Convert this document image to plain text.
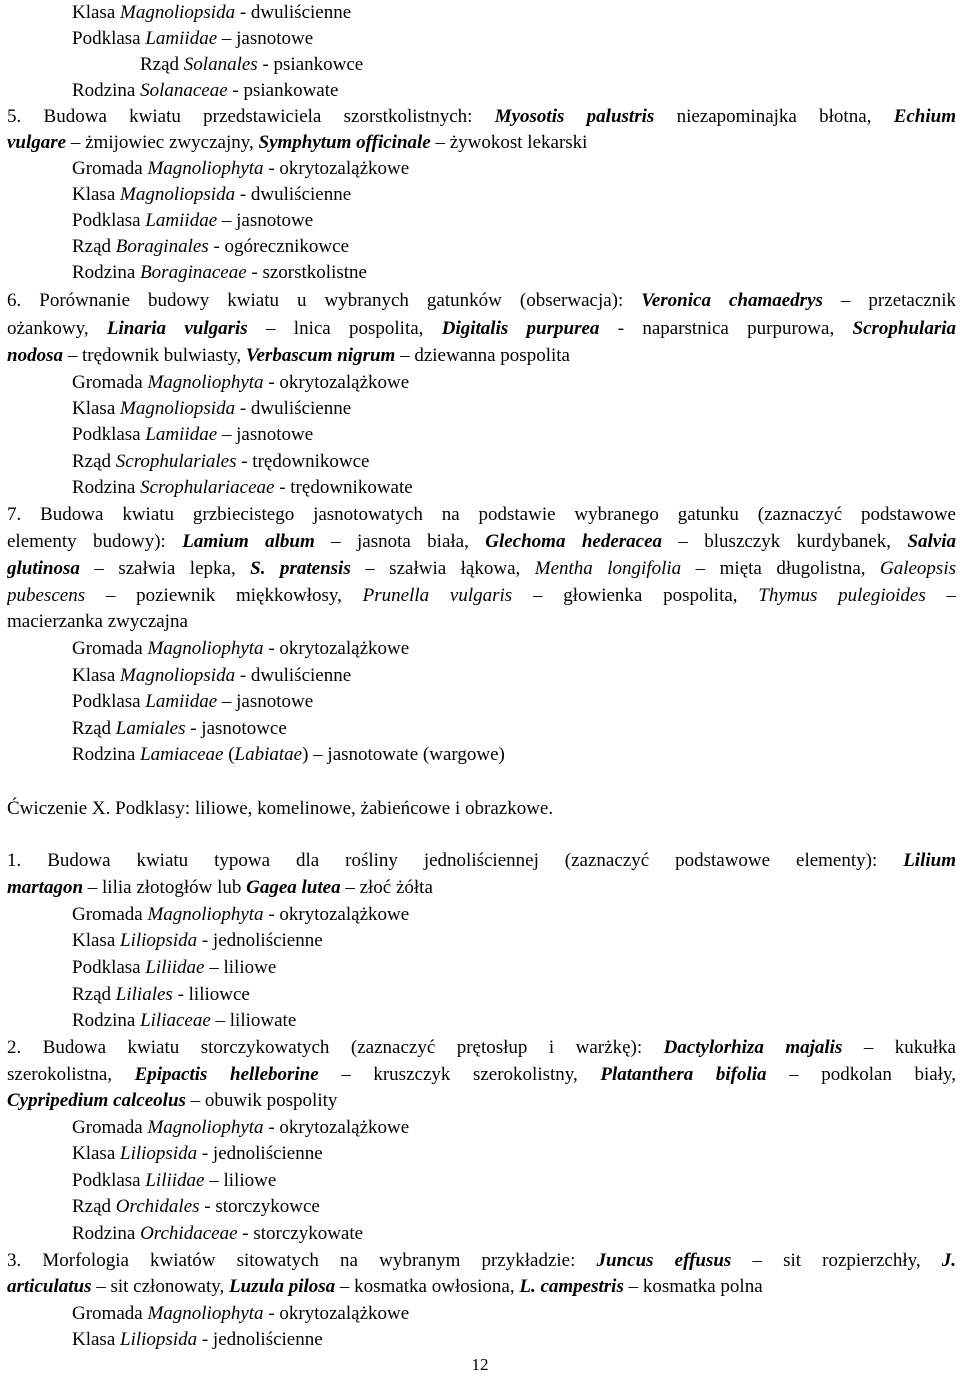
Klasa Magnoliopsida - dwuliścienne
Podklasa Lamiidae – jasnotowe
Rząd Solanales - psiankowce
Rodzina Solanaceae - psiankowate
5. Budowa kwiatu przedstawiciela szorstkolistnych: Myosotis palustris niezapominajka błotna, Echium
vulgare – żmijowiec zwyczajny, Symphytum officinale – żywokost lekarski
Gromada Magnoliophyta - okrytozalążkowe
Klasa Magnoliopsida - dwuliścienne
Podklasa Lamiidae – jasnotowe
Rząd Boraginales - ogórecznikowce
Rodzina Boraginaceae - szorstkolistne
6. Porównanie budowy kwiatu u wybranych gatunków (obserwacja): Veronica chamaedrys – przetacznik
ożankowy, Linaria vulgaris – lnica pospolita, Digitalis purpurea - naparstnica purpurowa, Scrophularia
nodosa – trędownik bulwiasty, Verbascum nigrum – dziewanna pospolita
Gromada Magnoliophyta - okrytozalążkowe
Klasa Magnoliopsida - dwuliścienne
Podklasa Lamiidae – jasnotowe
Rząd Scrophulariales - trędownikowce
Rodzina Scrophulariaceae - trędownikowate
7. Budowa kwiatu grzbiecistego jasnotowatych na podstawie wybranego gatunku (zaznaczyć podstawowe
elementy budowy): Lamium album – jasnota biała, Glechoma hederacea – bluszczyk kurdybanek, Salvia
glutinosa – szałwia lepka, S. pratensis – szałwia łąkowa, Mentha longifolia – mięta długolistna, Galeopsis
pubescens – poziewnik miękkowłosy, Prunella vulgaris – głowienka pospolita, Thymus pulegioides –
macierzanka zwyczajna
Gromada Magnoliophyta - okrytozalążkowe
Klasa Magnoliopsida - dwuliścienne
Podklasa Lamiidae – jasnotowe
Rząd Lamiales - jasnotowce
Rodzina Lamiaceae (Labiatae) – jasnotowate (wargowe)
Ćwiczenie X. Podklasy: liliowe, komelinowe, żabieńcowe i obrazkowe.
1. Budowa kwiatu typowa dla rośliny jednoliściennej (zaznaczyć podstawowe elementy): Lilium
martagon – lilia złotogłów lub Gagea lutea – złoć żółta
Gromada Magnoliophyta - okrytozalążkowe
Klasa Liliopsida - jednoliścienne
Podklasa Liliidae – liliowe
Rząd Liliales - liliowce
Rodzina Liliaceae – liliowate
2. Budowa kwiatu storczykowatych (zaznaczyć prętosłup i warżkę): Dactylorhiza majalis – kukułka
szerokolistna, Epipactis helleborine – kruszczyk szerokolistny, Platanthera bifolia – podkolan biały,
Cypripedium calceolus – obuwik pospolity
Gromada Magnoliophyta - okrytozalążkowe
Klasa Liliopsida - jednoliścienne
Podklasa Liliidae – liliowe
Rząd Orchidales - storczykowce
Rodzina Orchidaceae - storczykowate
3. Morfologia kwiatów sitowatych na wybranym przykładzie: Juncus effusus – sit rozpierzchły, J.
articulatus – sit członowaty, Luzula pilosa – kosmatka owłosiona, L. campestris – kosmatka polna
Gromada Magnoliophyta - okrytozalążkowe
Klasa Liliopsida - jednoliścienne
12
